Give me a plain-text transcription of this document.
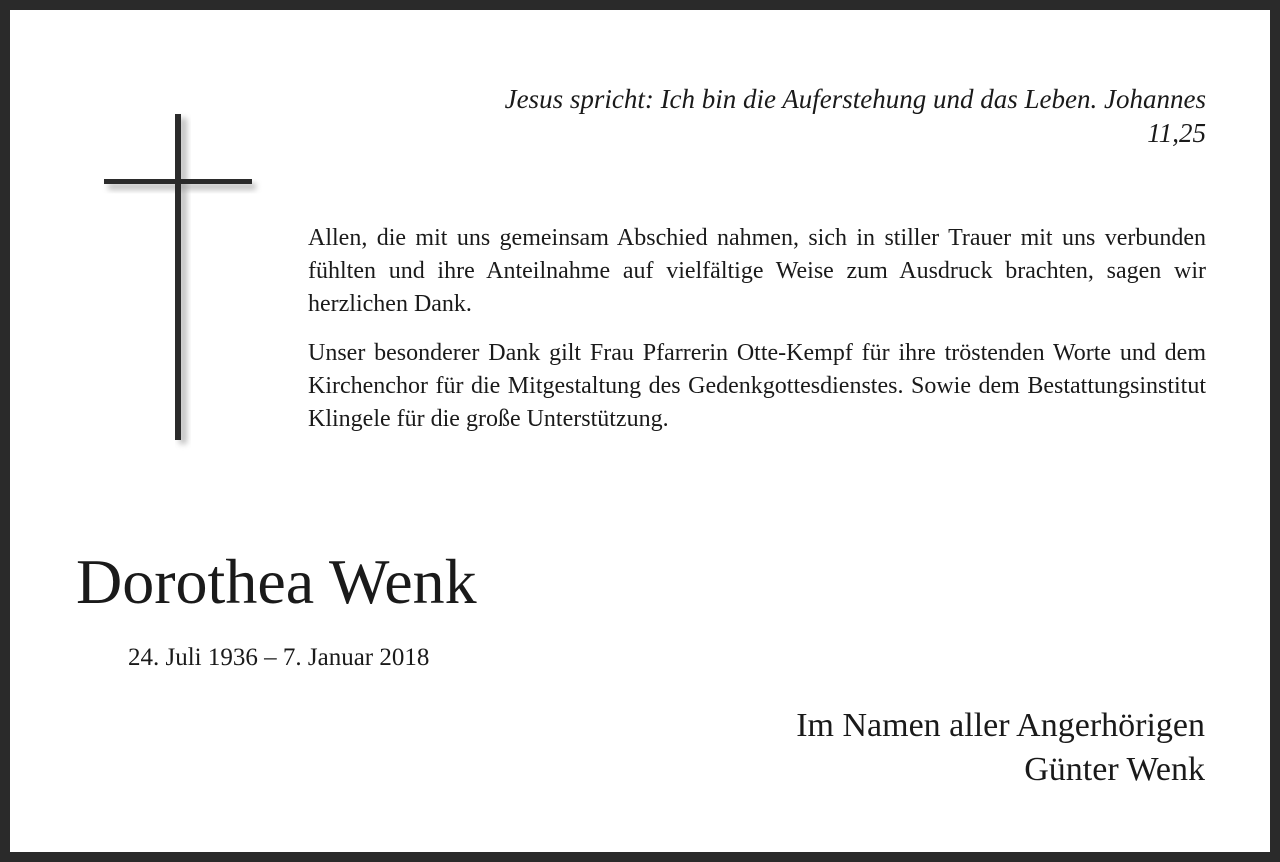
Jesus spricht: Ich bin die Auferstehung und das Leben. Johannes
11,25

Allen, die mit uns gemeinsam Abschied nahmen, sich in stiller Trauer mit uns verbunden fühlten und ihre Anteilnahme auf vielfältige Weise zum Ausdruck brachten, sagen wir herzlichen Dank.

Unser besonderer Dank gilt Frau Pfarrerin Otte-Kempf für ihre tröstenden Worte und dem Kirchenchor für die Mitgestaltung des Gedenkgottesdienstes. Sowie dem Bestattungsinstitut Klingele für die große Unterstützung.

Dorothea Wenk
24. Juli 1936 – 7. Januar 2018
Im Namen aller Angerhörigen
Günter Wenk
